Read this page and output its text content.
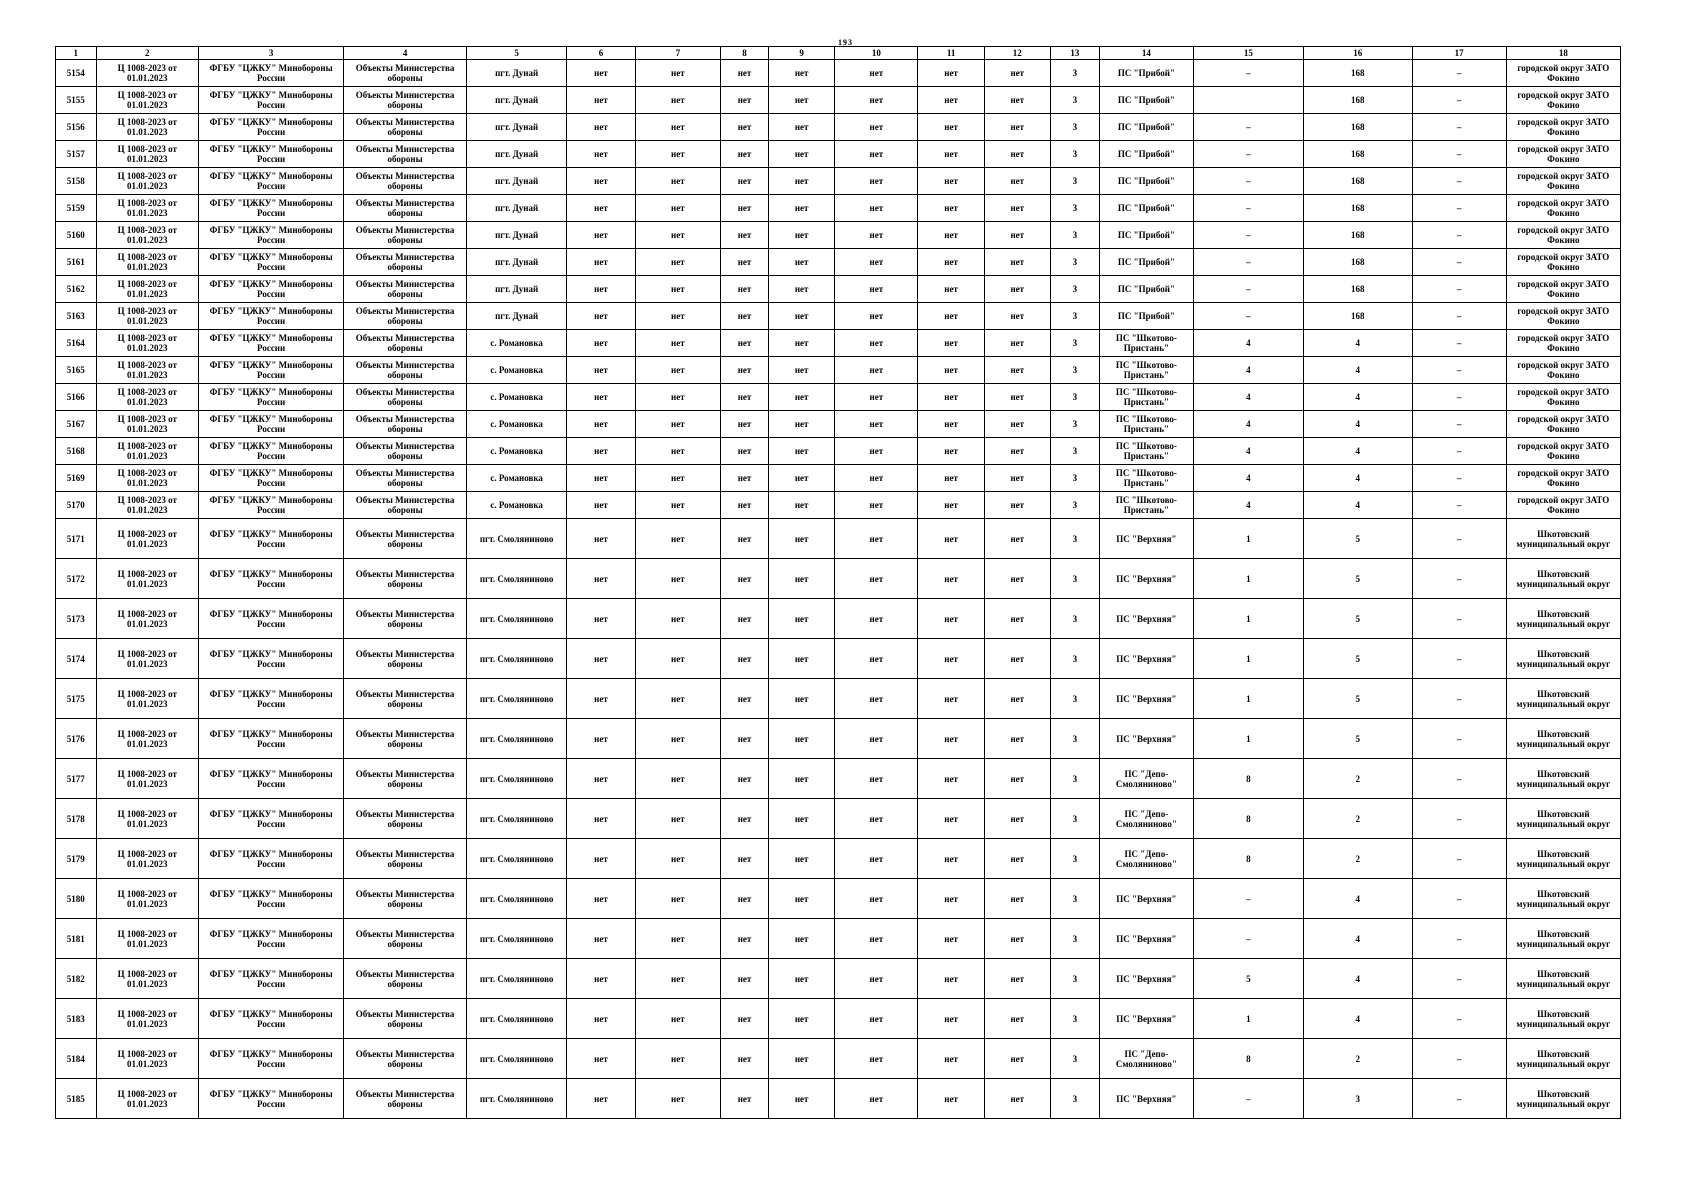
193
1	2	3	4	5	6	7	8	9	10	11	12	13	14	15	16	17	18
5154	Ц 1008-2023 от 01.01.2023	ФГБУ "ЦЖКУ" Минобороны России	Объекты Министерства обороны	пгт. Дунай	нет	нет	нет	нет	нет	нет	нет	3	ПС "Прибой"	–	168	–	городской округ ЗАТО Фокино
5155	Ц 1008-2023 от 01.01.2023	ФГБУ "ЦЖКУ" Минобороны России	Объекты Министерства обороны	пгт. Дунай	нет	нет	нет	нет	нет	нет	нет	3	ПС "Прибой"		168	–	городской округ ЗАТО Фокино
5156	Ц 1008-2023 от 01.01.2023	ФГБУ "ЦЖКУ" Минобороны России	Объекты Министерства обороны	пгт. Дунай	нет	нет	нет	нет	нет	нет	нет	3	ПС "Прибой"	–	168	–	городской округ ЗАТО Фокино
5157	Ц 1008-2023 от 01.01.2023	ФГБУ "ЦЖКУ" Минобороны России	Объекты Министерства обороны	пгт. Дунай	нет	нет	нет	нет	нет	нет	нет	3	ПС "Прибой"	–	168	–	городской округ ЗАТО Фокино
5158	Ц 1008-2023 от 01.01.2023	ФГБУ "ЦЖКУ" Минобороны России	Объекты Министерства обороны	пгт. Дунай	нет	нет	нет	нет	нет	нет	нет	3	ПС "Прибой"	–	168	–	городской округ ЗАТО Фокино
5159	Ц 1008-2023 от 01.01.2023	ФГБУ "ЦЖКУ" Минобороны России	Объекты Министерства обороны	пгт. Дунай	нет	нет	нет	нет	нет	нет	нет	3	ПС "Прибой"	–	168	–	городской округ ЗАТО Фокино
5160	Ц 1008-2023 от 01.01.2023	ФГБУ "ЦЖКУ" Минобороны России	Объекты Министерства обороны	пгт. Дунай	нет	нет	нет	нет	нет	нет	нет	3	ПС "Прибой"	–	168	–	городской округ ЗАТО Фокино
5161	Ц 1008-2023 от 01.01.2023	ФГБУ "ЦЖКУ" Минобороны России	Объекты Министерства обороны	пгт. Дунай	нет	нет	нет	нет	нет	нет	нет	3	ПС "Прибой"	–	168	–	городской округ ЗАТО Фокино
5162	Ц 1008-2023 от 01.01.2023	ФГБУ "ЦЖКУ" Минобороны России	Объекты Министерства обороны	пгт. Дунай	нет	нет	нет	нет	нет	нет	нет	3	ПС "Прибой"	–	168	–	городской округ ЗАТО Фокино
5163	Ц 1008-2023 от 01.01.2023	ФГБУ "ЦЖКУ" Минобороны России	Объекты Министерства обороны	пгт. Дунай	нет	нет	нет	нет	нет	нет	нет	3	ПС "Прибой"	–	168	–	городской округ ЗАТО Фокино
5164	Ц 1008-2023 от 01.01.2023	ФГБУ "ЦЖКУ" Минобороны России	Объекты Министерства обороны	с. Романовка	нет	нет	нет	нет	нет	нет	нет	3	ПС "Шкотово-Пристань"	4	4	–	городской округ ЗАТО Фокино
5165	Ц 1008-2023 от 01.01.2023	ФГБУ "ЦЖКУ" Минобороны России	Объекты Министерства обороны	с. Романовка	нет	нет	нет	нет	нет	нет	нет	3	ПС "Шкотово-Пристань"	4	4	–	городской округ ЗАТО Фокино
5166	Ц 1008-2023 от 01.01.2023	ФГБУ "ЦЖКУ" Минобороны России	Объекты Министерства обороны	с. Романовка	нет	нет	нет	нет	нет	нет	нет	3	ПС "Шкотово-Пристань"	4	4	–	городской округ ЗАТО Фокино
5167	Ц 1008-2023 от 01.01.2023	ФГБУ "ЦЖКУ" Минобороны России	Объекты Министерства обороны	с. Романовка	нет	нет	нет	нет	нет	нет	нет	3	ПС "Шкотово-Пристань"	4	4	–	городской округ ЗАТО Фокино
5168	Ц 1008-2023 от 01.01.2023	ФГБУ "ЦЖКУ" Минобороны России	Объекты Министерства обороны	с. Романовка	нет	нет	нет	нет	нет	нет	нет	3	ПС "Шкотово-Пристань"	4	4	–	городской округ ЗАТО Фокино
5169	Ц 1008-2023 от 01.01.2023	ФГБУ "ЦЖКУ" Минобороны России	Объекты Министерства обороны	с. Романовка	нет	нет	нет	нет	нет	нет	нет	3	ПС "Шкотово-Пристань"	4	4	–	городской округ ЗАТО Фокино
5170	Ц 1008-2023 от 01.01.2023	ФГБУ "ЦЖКУ" Минобороны России	Объекты Министерства обороны	с. Романовка	нет	нет	нет	нет	нет	нет	нет	3	ПС "Шкотово-Пристань"	4	4	–	городской округ ЗАТО Фокино
5171	Ц 1008-2023 от 01.01.2023	ФГБУ "ЦЖКУ" Минобороны России	Объекты Министерства обороны	пгт. Смоляниново	нет	нет	нет	нет	нет	нет	нет	3	ПС "Верхняя"	1	5	–	Шкотовский муниципальный округ
5172	Ц 1008-2023 от 01.01.2023	ФГБУ "ЦЖКУ" Минобороны России	Объекты Министерства обороны	пгт. Смоляниново	нет	нет	нет	нет	нет	нет	нет	3	ПС "Верхняя"	1	5	–	Шкотовский муниципальный округ
5173	Ц 1008-2023 от 01.01.2023	ФГБУ "ЦЖКУ" Минобороны России	Объекты Министерства обороны	пгт. Смоляниново	нет	нет	нет	нет	нет	нет	нет	3	ПС "Верхняя"	1	5	–	Шкотовский муниципальный округ
5174	Ц 1008-2023 от 01.01.2023	ФГБУ "ЦЖКУ" Минобороны России	Объекты Министерства обороны	пгт. Смоляниново	нет	нет	нет	нет	нет	нет	нет	3	ПС "Верхняя"	1	5	–	Шкотовский муниципальный округ
5175	Ц 1008-2023 от 01.01.2023	ФГБУ "ЦЖКУ" Минобороны России	Объекты Министерства обороны	пгт. Смоляниново	нет	нет	нет	нет	нет	нет	нет	3	ПС "Верхняя"	1	5	–	Шкотовский муниципальный округ
5176	Ц 1008-2023 от 01.01.2023	ФГБУ "ЦЖКУ" Минобороны России	Объекты Министерства обороны	пгт. Смоляниново	нет	нет	нет	нет	нет	нет	нет	3	ПС "Верхняя"	1	5	–	Шкотовский муниципальный округ
5177	Ц 1008-2023 от 01.01.2023	ФГБУ "ЦЖКУ" Минобороны России	Объекты Министерства обороны	пгт. Смоляниново	нет	нет	нет	нет	нет	нет	нет	3	ПС "Депо-Смоляниново"	8	2	–	Шкотовский муниципальный округ
5178	Ц 1008-2023 от 01.01.2023	ФГБУ "ЦЖКУ" Минобороны России	Объекты Министерства обороны	пгт. Смоляниново	нет	нет	нет	нет	нет	нет	нет	3	ПС "Депо-Смоляниново"	8	2	–	Шкотовский муниципальный округ
5179	Ц 1008-2023 от 01.01.2023	ФГБУ "ЦЖКУ" Минобороны России	Объекты Министерства обороны	пгт. Смоляниново	нет	нет	нет	нет	нет	нет	нет	3	ПС "Депо-Смоляниново"	8	2	–	Шкотовский муниципальный округ
5180	Ц 1008-2023 от 01.01.2023	ФГБУ "ЦЖКУ" Минобороны России	Объекты Министерства обороны	пгт. Смоляниново	нет	нет	нет	нет	нет	нет	нет	3	ПС "Верхняя"	–	4	–	Шкотовский муниципальный округ
5181	Ц 1008-2023 от 01.01.2023	ФГБУ "ЦЖКУ" Минобороны России	Объекты Министерства обороны	пгт. Смоляниново	нет	нет	нет	нет	нет	нет	нет	3	ПС "Верхняя"	–	4	–	Шкотовский муниципальный округ
5182	Ц 1008-2023 от 01.01.2023	ФГБУ "ЦЖКУ" Минобороны России	Объекты Министерства обороны	пгт. Смоляниново	нет	нет	нет	нет	нет	нет	нет	3	ПС "Верхняя"	5	4	–	Шкотовский муниципальный округ
5183	Ц 1008-2023 от 01.01.2023	ФГБУ "ЦЖКУ" Минобороны России	Объекты Министерства обороны	пгт. Смоляниново	нет	нет	нет	нет	нет	нет	нет	3	ПС "Верхняя"	1	4	–	Шкотовский муниципальный округ
5184	Ц 1008-2023 от 01.01.2023	ФГБУ "ЦЖКУ" Минобороны России	Объекты Министерства обороны	пгт. Смоляниново	нет	нет	нет	нет	нет	нет	нет	3	ПС "Депо-Смоляниново"	8	2	–	Шкотовский муниципальный округ
5185	Ц 1008-2023 от 01.01.2023	ФГБУ "ЦЖКУ" Минобороны России	Объекты Министерства обороны	пгт. Смоляниново	нет	нет	нет	нет	нет	нет	нет	3	ПС "Верхняя"	–	3	–	Шкотовский муниципальный округ
